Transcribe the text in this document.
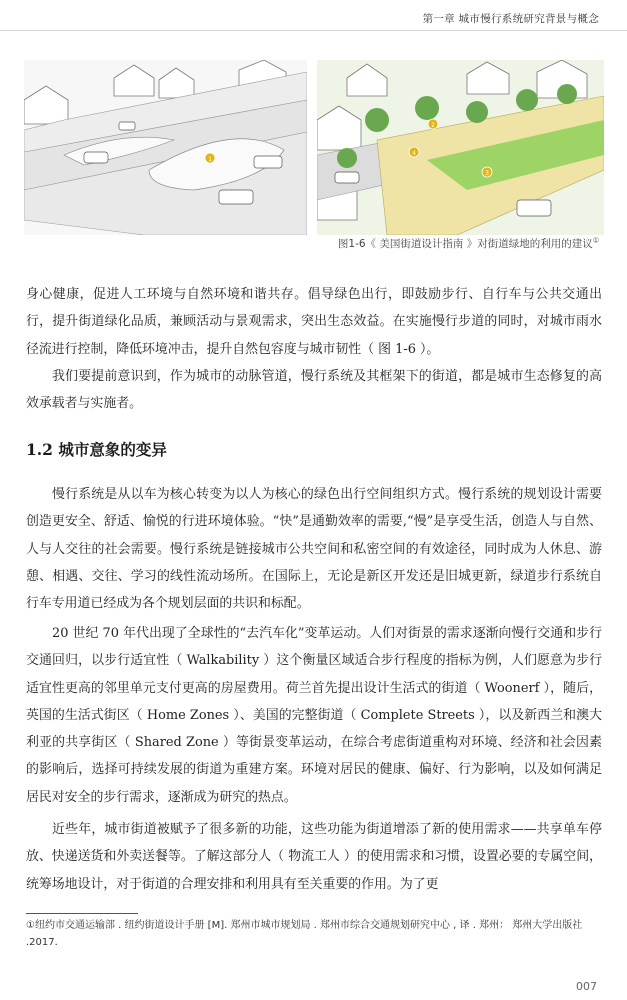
第一章 城市慢行系统研究背景与概念
1
2
3
4
图1-6《 美国街道设计指南 》对街道绿地的利用的建议①

身心健康，促进人工环境与自然环境和谐共存。倡导绿色出行，即鼓励步行、自行车与公共交通出行，提升街道绿化品质，兼顾活动与景观需求，突出生态效益。在实施慢行步道的同时，对城市雨水径流进行控制，降低环境冲击，提升自然包容度与城市韧性（ 图 1-6 ）。

我们要提前意识到，作为城市的动脉管道，慢行系统及其框架下的街道，都是城市生态修复的高效承载者与实施者。

1.2 城市意象的变异

慢行系统是从以车为核心转变为以人为核心的绿色出行空间组织方式。慢行系统的规划设计需要创造更安全、舒适、愉悦的行进环境体验。“快”是通勤效率的需要,“慢”是享受生活，创造人与自然、人与人交往的社会需要。慢行系统是链接城市公共空间和私密空间的有效途径，同时成为人休息、游憩、相遇、交往、学习的线性流动场所。在国际上，无论是新区开发还是旧城更新，绿道步行系统自行车专用道已经成为各个规划层面的共识和标配。

20 世纪 70 年代出现了全球性的“去汽车化”变革运动。人们对街景的需求逐渐向慢行交通和步行交通回归，以步行适宜性（ Walkability ）这个衡量区域适合步行程度的指标为例，人们愿意为步行适宜性更高的邻里单元支付更高的房屋费用。荷兰首先提出设计生活式的街道（ Woonerf ），随后，英国的生活式街区（ Home Zones ）、美国的完整街道（ Complete Streets ），以及新西兰和澳大利亚的共享街区（ Shared Zone ）等街景变革运动，在综合考虑街道重构对环境、经济和社会因素的影响后，选择可持续发展的街道为重建方案。环境对居民的健康、偏好、行为影响，以及如何满足居民对安全的步行需求，逐渐成为研究的热点。

近些年，城市街道被赋予了很多新的功能，这些功能为街道增添了新的使用需求——共享单车停放、快递送货和外卖送餐等。了解这部分人（ 物流工人 ）的使用需求和习惯，设置必要的专属空间，统筹场地设计，对于街道的合理安排和利用具有至关重要的作用。为了更

①纽约市交通运输部 . 纽约街道设计手册 [M]. 郑州市城市规划局 . 郑州市综合交通规划研究中心 , 译 . 郑州： 郑州大学出版社 .2017.

007
